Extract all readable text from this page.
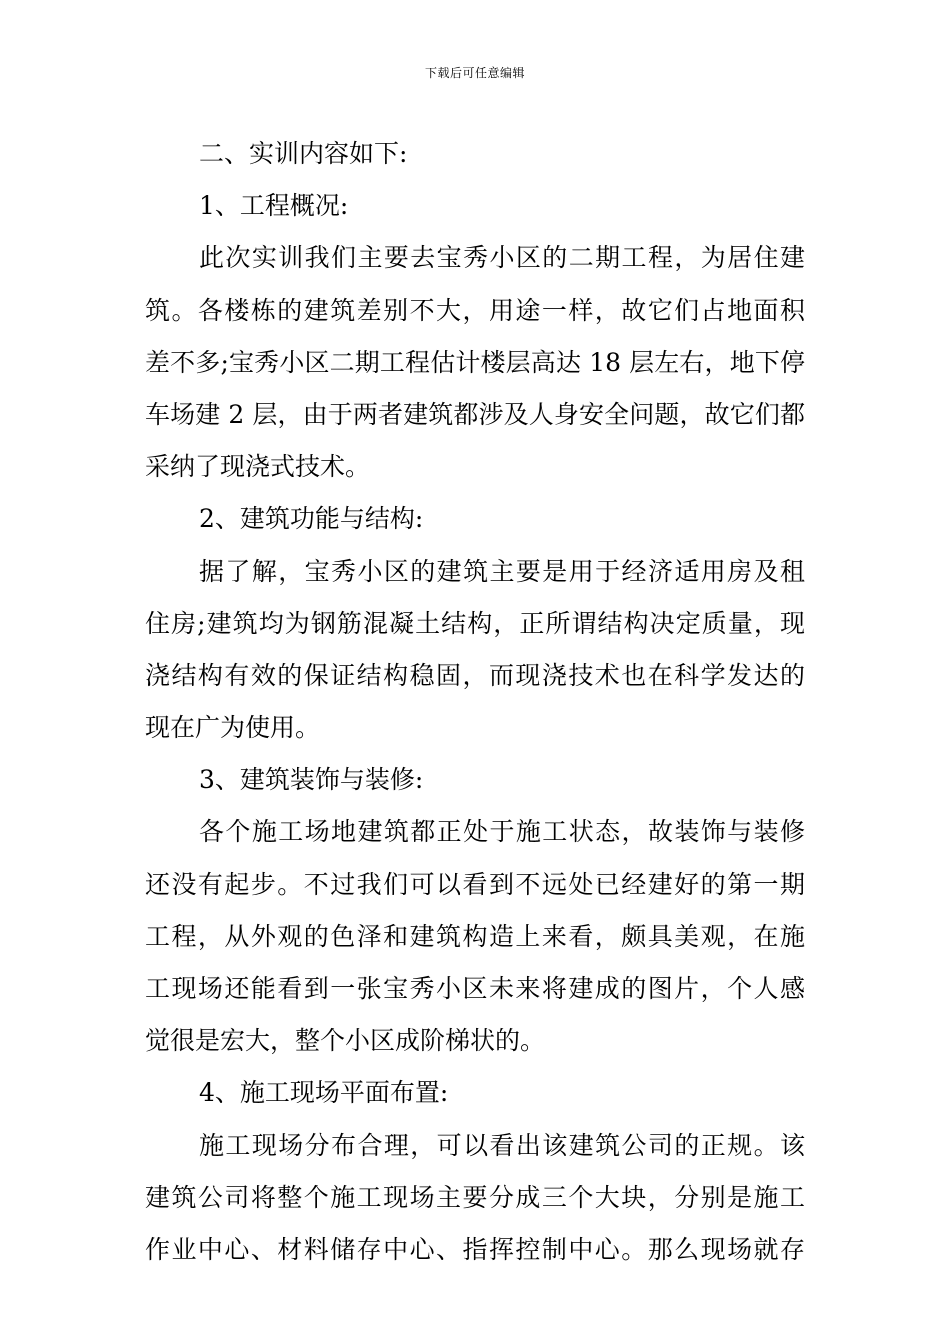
下载后可任意编辑
二、实训内容如下:
1、工程概况:
此次实训我们主要去宝秀小区的二期工程，为居住建
筑。各楼栋的建筑差别不大，用途一样，故它们占地面积
差不多;宝秀小区二期工程估计楼层高达 18 层左右，地下停
车场建 2 层，由于两者建筑都涉及人身安全问题，故它们都
采纳了现浇式技术。
2、建筑功能与结构:
据了解，宝秀小区的建筑主要是用于经济适用房及租
住房;建筑均为钢筋混凝土结构，正所谓结构决定质量，现
浇结构有效的保证结构稳固，而现浇技术也在科学发达的
现在广为使用。
3、建筑装饰与装修:
各个施工场地建筑都正处于施工状态，故装饰与装修
还没有起步。不过我们可以看到不远处已经建好的第一期
工程，从外观的色泽和建筑构造上来看，颇具美观，在施
工现场还能看到一张宝秀小区未来将建成的图片，个人感
觉很是宏大，整个小区成阶梯状的。
4、施工现场平面布置:
施工现场分布合理，可以看出该建筑公司的正规。该
建筑公司将整个施工现场主要分成三个大块，分别是施工
作业中心、材料储存中心、指挥控制中心。那么现场就存
